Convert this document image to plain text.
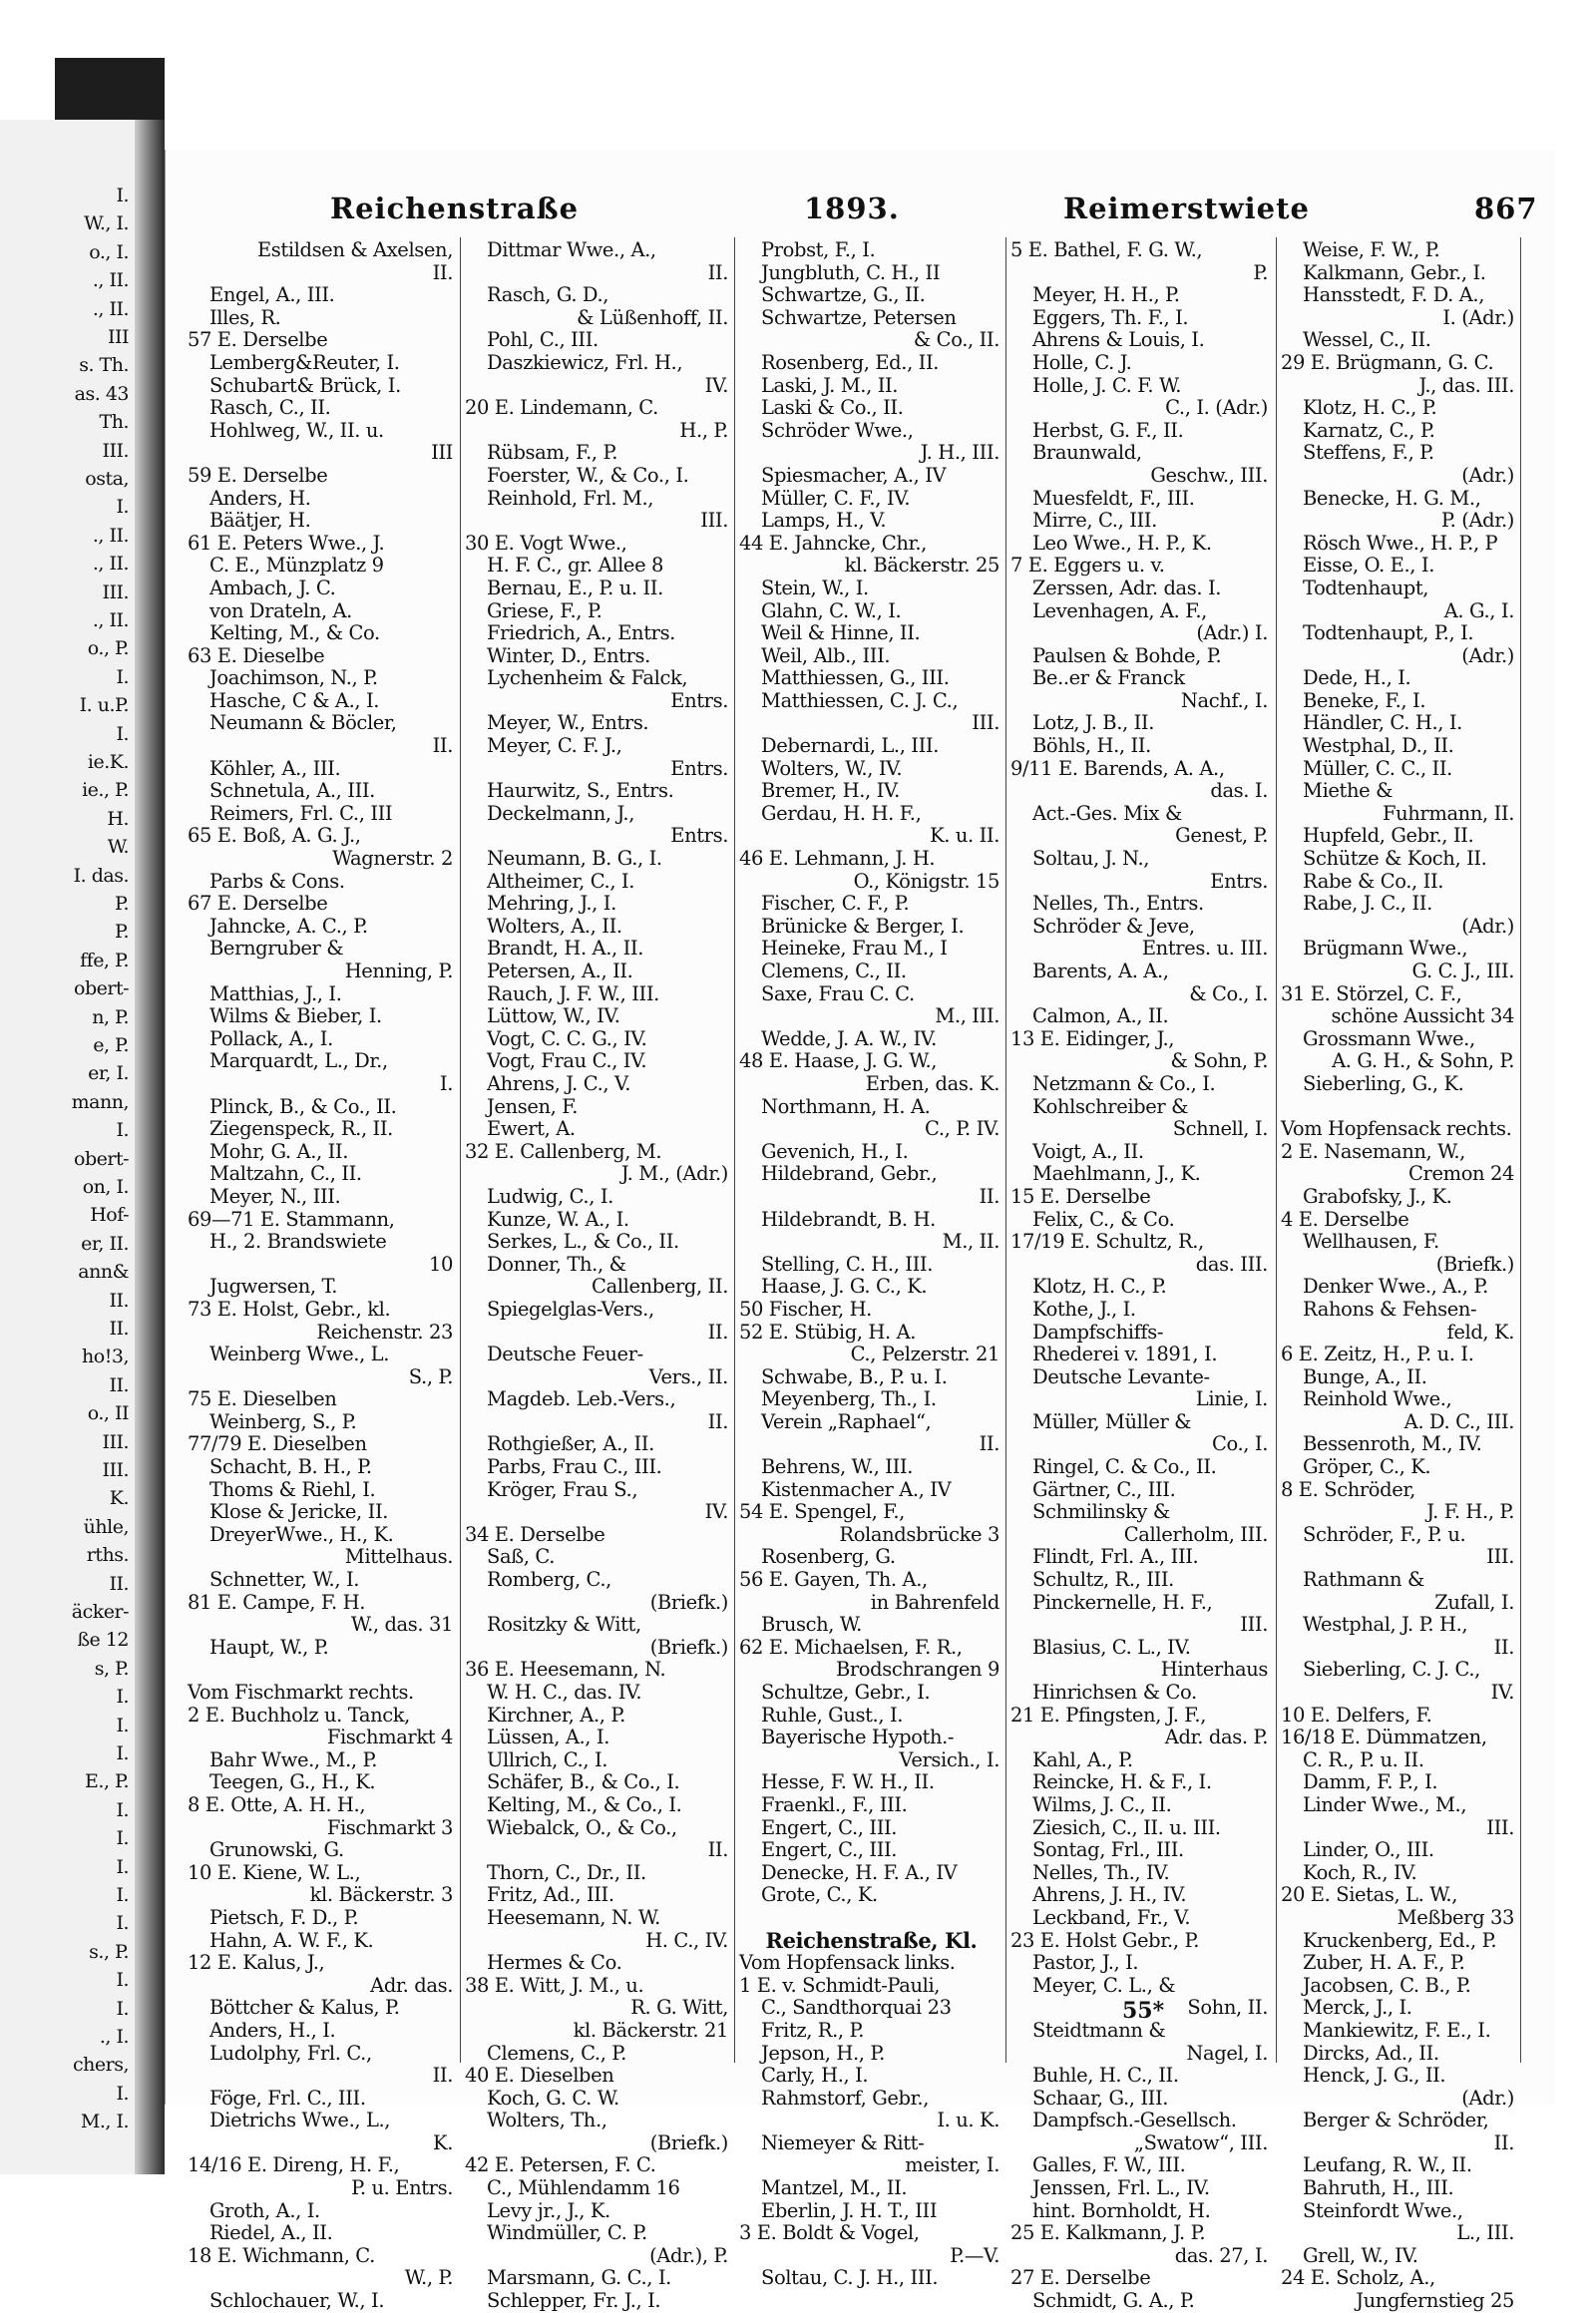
I.
W., I.
o., I.
., II.
., II.
III
s. Th.
as. 43
Th.
III.
osta,
I.
., II.
., II.
III.
., II.
o., P.
I.
I. u.P.
I.
ie.K.
ie., P.
H.
W.
I. das.
P.
P.
ffe, P.
obert-
n, P.
e, P.
er, I.
mann,
I.
obert-
on, I.
Hof-
er, II.
ann&
II.
II.
ho!3,
II.
o., II
III.
III.
K.
ühle,
rths.
II.
äcker-
ße 12
s, P.
I.
I.
I.
E., P.
I.
I.
I.
I.
I.
s., P.
I.
I.
., I.
chers,
I.
M., I.
Reichenstraße	1893.	Reimerstwiete	867
Estildsen & Axelsen,
II.
Engel, A., III.
Illes, R.
57 E. Derselbe
Lemberg&Reuter, I.
Schubart& Brück, I.
Rasch, C., II.
Hohlweg, W., II. u.
III
59 E. Derselbe
Anders, H.
Bäätjer, H.
61 E. Peters Wwe., J.
C. E., Münzplatz 9
Ambach, J. C.
von Drateln, A.
Kelting, M., & Co.
63 E. Dieselbe
Joachimson, N., P.
Hasche, C & A., I.
Neumann & Böcler,
II.
Köhler, A., III.
Schnetula, A., III.
Reimers, Frl. C., III
65 E. Boß, A. G. J.,
Wagnerstr. 2
Parbs & Cons.
67 E. Derselbe
Jahncke, A. C., P.
Berngruber &
Henning, P.
Matthias, J., I.
Wilms & Bieber, I.
Pollack, A., I.
Marquardt, L., Dr.,
I.
Plinck, B., & Co., II.
Ziegenspeck, R., II.
Mohr, G. A., II.
Maltzahn, C., II.
Meyer, N., III.
69—71 E. Stammann,
H., 2. Brandswiete
10
Jugwersen, T.
73 E. Holst, Gebr., kl.
Reichenstr. 23
Weinberg Wwe., L.
S., P.
75 E. Dieselben
Weinberg, S., P.
77/79 E. Dieselben
Schacht, B. H., P.
Thoms & Riehl, I.
Klose & Jericke, II.
DreyerWwe., H., K.
Mittelhaus.
Schnetter, W., I.
81 E. Campe, F. H.
W., das. 31
Haupt, W., P.
Vom Fischmarkt rechts.
2 E. Buchholz u. Tanck,
Fischmarkt 4
Bahr Wwe., M., P.
Teegen, G., H., K.
8 E. Otte, A. H. H.,
Fischmarkt 3
Grunowski, G.
10 E. Kiene, W. L.,
kl. Bäckerstr. 3
Pietsch, F. D., P.
Hahn, A. W. F., K.
12 E. Kalus, J.,
Adr. das.
Böttcher & Kalus, P.
Anders, H., I.
Ludolphy, Frl. C.,
II.
Föge, Frl. C., III.
Dietrichs Wwe., L.,
K.
14/16 E. Direng, H. F.,
P. u. Entrs.
Groth, A., I.
Riedel, A., II.
18 E. Wichmann, C.
W., P.
Schlochauer, W., I.
Dittmar Wwe., A.,
II.
Rasch, G. D.,
& Lüßenhoff, II.
Pohl, C., III.
Daszkiewicz, Frl. H.,
IV.
20 E. Lindemann, C.
H., P.
Rübsam, F., P.
Foerster, W., & Co., I.
Reinhold, Frl. M.,
III.
30 E. Vogt Wwe.,
H. F. C., gr. Allee 8
Bernau, E., P. u. II.
Griese, F., P.
Friedrich, A., Entrs.
Winter, D., Entrs.
Lychenheim & Falck,
Entrs.
Meyer, W., Entrs.
Meyer, C. F. J.,
Entrs.
Haurwitz, S., Entrs.
Deckelmann, J.,
Entrs.
Neumann, B. G., I.
Altheimer, C., I.
Mehring, J., I.
Wolters, A., II.
Brandt, H. A., II.
Petersen, A., II.
Rauch, J. F. W., III.
Lüttow, W., IV.
Vogt, C. C. G., IV.
Vogt, Frau C., IV.
Ahrens, J. C., V.
Jensen, F.
Ewert, A.
32 E. Callenberg, M.
J. M., (Adr.)
Ludwig, C., I.
Kunze, W. A., I.
Serkes, L., & Co., II.
Donner, Th., &
Callenberg, II.
Spiegelglas-Vers.,
II.
Deutsche Feuer-
Vers., II.
Magdeb. Leb.-Vers.,
II.
Rothgießer, A., II.
Parbs, Frau C., III.
Kröger, Frau S.,
IV.
34 E. Derselbe
Saß, C.
Romberg, C.,
(Briefk.)
Rositzky & Witt,
(Briefk.)
36 E. Heesemann, N.
W. H. C., das. IV.
Kirchner, A., P.
Lüssen, A., I.
Ullrich, C., I.
Schäfer, B., & Co., I.
Kelting, M., & Co., I.
Wiebalck, O., & Co.,
II.
Thorn, C., Dr., II.
Fritz, Ad., III.
Heesemann, N. W.
H. C., IV.
Hermes & Co.
38 E. Witt, J. M., u.
R. G. Witt,
kl. Bäckerstr. 21
Clemens, C., P.
40 E. Dieselben
Koch, G. C. W.
Wolters, Th.,
(Briefk.)
42 E. Petersen, F. C.
C., Mühlendamm 16
Levy jr., J., K.
Windmüller, C. P.
(Adr.), P.
Marsmann, G. C., I.
Schlepper, Fr. J., I.
Probst, F., I.
Jungbluth, C. H., II
Schwartze, G., II.
Schwartze, Petersen
& Co., II.
Rosenberg, Ed., II.
Laski, J. M., II.
Laski & Co., II.
Schröder Wwe.,
J. H., III.
Spiesmacher, A., IV
Müller, C. F., IV.
Lamps, H., V.
44 E. Jahncke, Chr.,
kl. Bäckerstr. 25
Stein, W., I.
Glahn, C. W., I.
Weil & Hinne, II.
Weil, Alb., III.
Matthiessen, G., III.
Matthiessen, C. J. C.,
III.
Debernardi, L., III.
Wolters, W., IV.
Bremer, H., IV.
Gerdau, H. H. F.,
K. u. II.
46 E. Lehmann, J. H.
O., Königstr. 15
Fischer, C. F., P.
Brünicke & Berger, I.
Heineke, Frau M., I
Clemens, C., II.
Saxe, Frau C. C.
M., III.
Wedde, J. A. W., IV.
48 E. Haase, J. G. W.,
Erben, das. K.
Northmann, H. A.
C., P. IV.
Gevenich, H., I.
Hildebrand, Gebr.,
II.
Hildebrandt, B. H.
M., II.
Stelling, C. H., III.
Haase, J. G. C., K.
50 Fischer, H.
52 E. Stübig, H. A.
C., Pelzerstr. 21
Schwabe, B., P. u. I.
Meyenberg, Th., I.
Verein „Raphael“,
II.
Behrens, W., III.
Kistenmacher A., IV
54 E. Spengel, F.,
Rolandsbrücke 3
Rosenberg, G.
56 E. Gayen, Th. A.,
in Bahrenfeld
Brusch, W.
62 E. Michaelsen, F. R.,
Brodschrangen 9
Schultze, Gebr., I.
Ruhle, Gust., I.
Bayerische Hypoth.-
Versich., I.
Hesse, F. W. H., II.
Fraenkl., F., III.
Engert, C., III.
Engert, C., III.
Denecke, H. F. A., IV
Grote, C., K.
Reichenstraße, Kl.
Vom Hopfensack links.
1 E. v. Schmidt-Pauli,
C., Sandthorquai 23
Fritz, R., P.
Jepson, H., P.
Carly, H., I.
Rahmstorf, Gebr.,
I. u. K.
Niemeyer & Ritt-
meister, I.
Mantzel, M., II.
Eberlin, J. H. T., III
3 E. Boldt & Vogel,
P.—V.
Soltau, C. J. H., III.
5 E. Bathel, F. G. W.,
P.
Meyer, H. H., P.
Eggers, Th. F., I.
Ahrens & Louis, I.
Holle, C. J.
Holle, J. C. F. W.
C., I. (Adr.)
Herbst, G. F., II.
Braunwald,
Geschw., III.
Muesfeldt, F., III.
Mirre, C., III.
Leo Wwe., H. P., K.
7 E. Eggers u. v.
Zerssen, Adr. das. I.
Levenhagen, A. F.,
(Adr.) I.
Paulsen & Bohde, P.
Be..er & Franck
Nachf., I.
Lotz, J. B., II.
Böhls, H., II.
9/11 E. Barends, A. A.,
das. I.
Act.-Ges. Mix &
Genest, P.
Soltau, J. N.,
Entrs.
Nelles, Th., Entrs.
Schröder & Jeve,
Entres. u. III.
Barents, A. A.,
& Co., I.
Calmon, A., II.
13 E. Eidinger, J.,
& Sohn, P.
Netzmann & Co., I.
Kohlschreiber &
Schnell, I.
Voigt, A., II.
Maehlmann, J., K.
15 E. Derselbe
Felix, C., & Co.
17/19 E. Schultz, R.,
das. III.
Klotz, H. C., P.
Kothe, J., I.
Dampfschiffs-
Rhederei v. 1891, I.
Deutsche Levante-
Linie, I.
Müller, Müller &
Co., I.
Ringel, C. & Co., II.
Gärtner, C., III.
Schmilinsky &
Callerholm, III.
Flindt, Frl. A., III.
Schultz, R., III.
Pinckernelle, H. F.,
III.
Blasius, C. L., IV.
Hinterhaus
Hinrichsen & Co.
21 E. Pfingsten, J. F.,
Adr. das. P.
Kahl, A., P.
Reincke, H. & F., I.
Wilms, J. C., II.
Ziesich, C., II. u. III.
Sontag, Frl., III.
Nelles, Th., IV.
Ahrens, J. H., IV.
Leckband, Fr., V.
23 E. Holst Gebr., P.
Pastor, J., I.
Meyer, C. L., &
Sohn, II.
Steidtmann &
Nagel, I.
Buhle, H. C., II.
Schaar, G., III.
Dampfsch.-Gesellsch.
„Swatow“, III.
Galles, F. W., III.
Jenssen, Frl. L., IV.
hint. Bornholdt, H.
25 E. Kalkmann, J. P.
das. 27, I.
27 E. Derselbe
Schmidt, G. A., P.
Weise, F. W., P.
Kalkmann, Gebr., I.
Hansstedt, F. D. A.,
I. (Adr.)
Wessel, C., II.
29 E. Brügmann, G. C.
J., das. III.
Klotz, H. C., P.
Karnatz, C., P.
Steffens, F., P.
(Adr.)
Benecke, H. G. M.,
P. (Adr.)
Rösch Wwe., H. P., P
Eisse, O. E., I.
Todtenhaupt,
A. G., I.
Todtenhaupt, P., I.
(Adr.)
Dede, H., I.
Beneke, F., I.
Händler, C. H., I.
Westphal, D., II.
Müller, C. C., II.
Miethe &
Fuhrmann, II.
Hupfeld, Gebr., II.
Schütze & Koch, II.
Rabe & Co., II.
Rabe, J. C., II.
(Adr.)
Brügmann Wwe.,
G. C. J., III.
31 E. Störzel, C. F.,
schöne Aussicht 34
Grossmann Wwe.,
A. G. H., & Sohn, P.
Sieberling, G., K.
Vom Hopfensack rechts.
2 E. Nasemann, W.,
Cremon 24
Grabofsky, J., K.
4 E. Derselbe
Wellhausen, F.
(Briefk.)
Denker Wwe., A., P.
Rahons & Fehsen-
feld, K.
6 E. Zeitz, H., P. u. I.
Bunge, A., II.
Reinhold Wwe.,
A. D. C., III.
Bessenroth, M., IV.
Gröper, C., K.
8 E. Schröder,
J. F. H., P.
Schröder, F., P. u.
III.
Rathmann &
Zufall, I.
Westphal, J. P. H.,
II.
Sieberling, C. J. C.,
IV.
10 E. Delfers, F.
16/18 E. Dümmatzen,
C. R., P. u. II.
Damm, F. P., I.
Linder Wwe., M.,
III.
Linder, O., III.
Koch, R., IV.
20 E. Sietas, L. W.,
Meßberg 33
Kruckenberg, Ed., P.
Zuber, H. A. F., P.
Jacobsen, C. B., P.
Merck, J., I.
Mankiewitz, F. E., I.
Dircks, Ad., II.
Henck, J. G., II.
(Adr.)
Berger & Schröder,
II.
Leufang, R. W., II.
Bahruth, H., III.
Steinfordt Wwe.,
L., III.
Grell, W., IV.
24 E. Scholz, A.,
Jungfernstieg 25
55*
